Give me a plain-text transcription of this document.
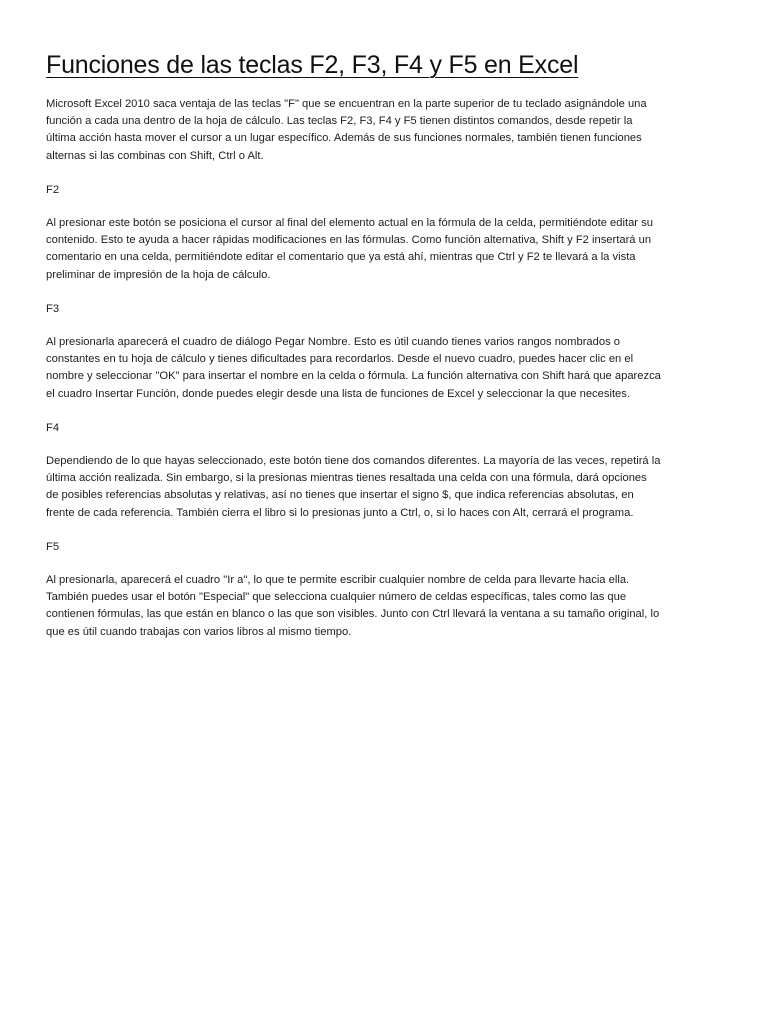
Funciones de las teclas F2, F3, F4 y F5 en Excel

Microsoft Excel 2010 saca ventaja de las teclas "F" que se encuentran en la parte superior de tu teclado asignándole una función a cada una dentro de la hoja de cálculo. Las teclas F2, F3, F4 y F5 tienen distintos comandos, desde repetir la última acción hasta mover el cursor a un lugar específico. Además de sus funciones normales, también tienen funciones alternas si las combinas con Shift, Ctrl o Alt.

F2

Al presionar este botón se posiciona el cursor al final del elemento actual en la fórmula de la celda, permitiéndote editar su contenido. Esto te ayuda a hacer rápidas modificaciones en las fórmulas. Como función alternativa, Shift y F2 insertará un comentario en una celda, permitiéndote editar el comentario que ya está ahí, mientras que Ctrl y F2 te llevará a la vista preliminar de impresión de la hoja de cálculo.

F3

Al presionarla aparecerá el cuadro de diálogo Pegar Nombre. Esto es útil cuando tienes varios rangos nombrados o constantes en tu hoja de cálculo y tienes dificultades para recordarlos. Desde el nuevo cuadro, puedes hacer clic en el nombre y seleccionar "OK" para insertar el nombre en la celda o fórmula. La función alternativa con Shift hará que aparezca el cuadro Insertar Función, donde puedes elegir desde una lista de funciones de Excel y seleccionar la que necesites.

F4

Dependiendo de lo que hayas seleccionado, este botón tiene dos comandos diferentes. La mayoría de las veces, repetirá la última acción realizada. Sin embargo, si la presionas mientras tienes resaltada una celda con una fórmula, dará opciones de posibles referencias absolutas y relativas, así no tienes que insertar el signo $, que indica referencias absolutas, en frente de cada referencia. También cierra el libro si lo presionas junto a Ctrl, o, si lo haces con Alt, cerrará el programa.

F5

Al presionarla, aparecerá el cuadro "Ir a", lo que te permite escribir cualquier nombre de celda para llevarte hacia ella. También puedes usar el botón "Especial" que selecciona cualquier número de celdas específicas, tales como las que contienen fórmulas, las que están en blanco o las que son visibles. Junto con Ctrl llevará la ventana a su tamaño original, lo que es útil cuando trabajas con varios libros al mismo tiempo.
